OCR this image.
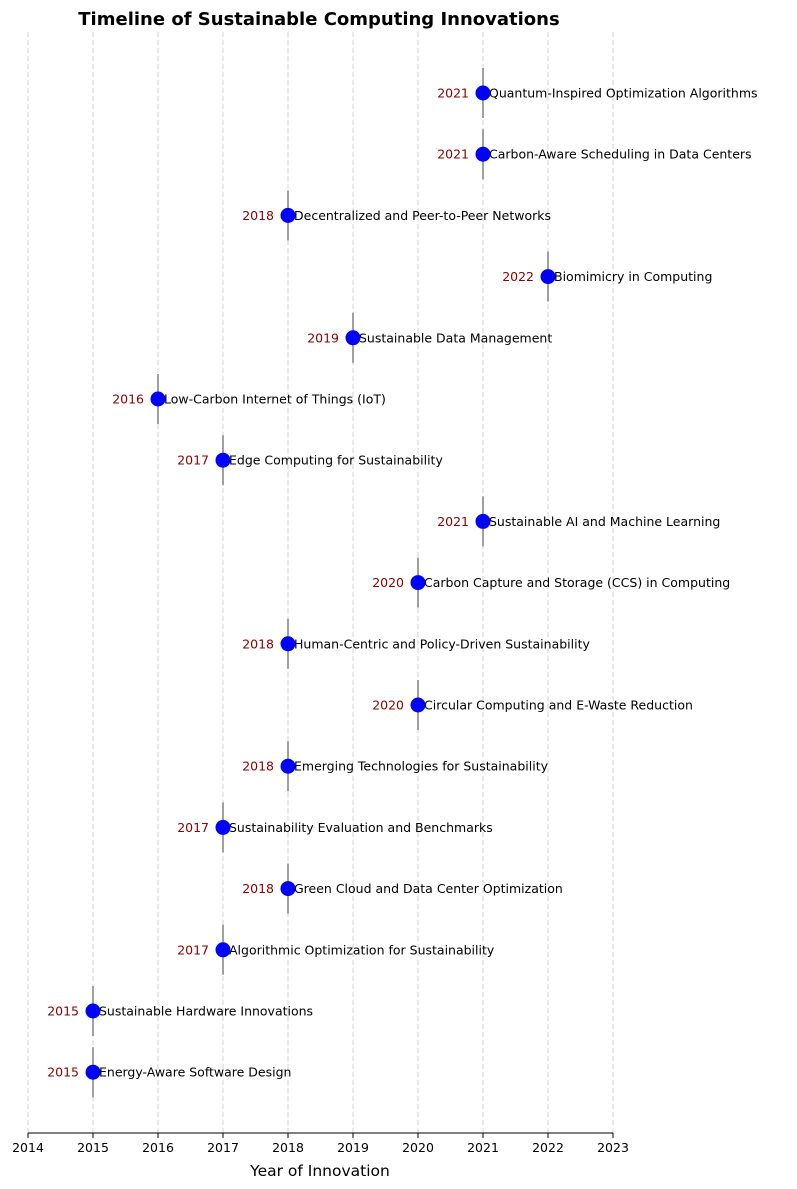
Timeline of Sustainable Computing Innovations
2021 Quantum-Inspired Optimization Algorithms
2021 Carbon-Aware Scheduling in Data Centers
2018 Decentralized and Peer-to-Peer Networks
2022 Biomimicry in Computing
2019 Sustainable Data Management
2016 Low-Carbon Internet of Things (IoT)
2017 Edge Computing for Sustainability
2021 Sustainable AI and Machine Learning
2020 Carbon Capture and Storage (CCS) in Computing
2018 Human-Centric and Policy-Driven Sustainability
2020 Circular Computing and E-Waste Reduction
2018 Emerging Technologies for Sustainability
2017 Sustainability Evaluation and Benchmarks
2018 Green Cloud and Data Center Optimization
2017 Algorithmic Optimization for Sustainability
2015 Sustainable Hardware Innovations
2015 Energy-Aware Software Design
2014	2015	2016	2017	2018	2019	2020	2021	2022	2023
Year of Innovation
